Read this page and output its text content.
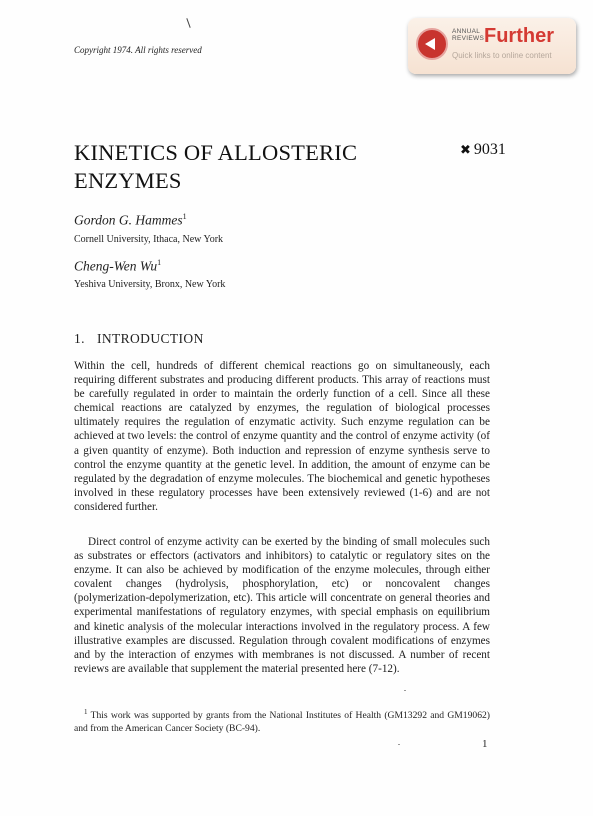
Copyright 1974. All rights reserved
ANNUAL
REVIEWS Further
Quick links to online content
KINETICS OF ALLOSTERIC
ENZYMES
✖ 9031
Gordon G. Hammes$^1$
Cornell University, Ithaca, New York
Cheng-Wen Wu$^1$
Yeshiva University, Bronx, New York
1. INTRODUCTION

Within the cell, hundreds of different chemical reactions go on simultaneously, each requiring different substrates and producing different products. This array of reactions must be carefully regulated in order to maintain the orderly function of a cell. Since all these chemical reactions are catalyzed by enzymes, the regulation of biological processes ultimately requires the regulation of enzymatic activity. Such enzyme regulation can be achieved at two levels: the control of enzyme quantity and the control of enzyme activity (of a given quantity of enzyme). Both induction and repression of enzyme synthesis serve to control the enzyme quantity at the genetic level. In addition, the amount of enzyme can be regulated by the degradation of enzyme molecules. The biochemical and genetic hypotheses involved in these regulatory processes have been extensively reviewed (1-6) and are not considered further.

Direct control of enzyme activity can be exerted by the binding of small molecules such as substrates or effectors (activators and inhibitors) to catalytic or regulatory sites on the enzyme. It can also be achieved by modification of the enzyme molecules, through either covalent changes (hydrolysis, phosphorylation, etc) or noncovalent changes (polymerization-depolymerization, etc). This article will concentrate on general theories and experimental manifestations of regulatory enzymes, with special emphasis on equilibrium and kinetic analysis of the molecular interactions involved in the regulatory process. A few illustrative examples are discussed. Regulation through covalent modifications of enzymes and by the interaction of enzymes with membranes is not discussed. A number of recent reviews are available that supplement the material presented here (7-12).

$^1$ This work was supported by grants from the National Institutes of Health (GM13292 and GM19062) and from the American Cancer Society (BC-94).

1
